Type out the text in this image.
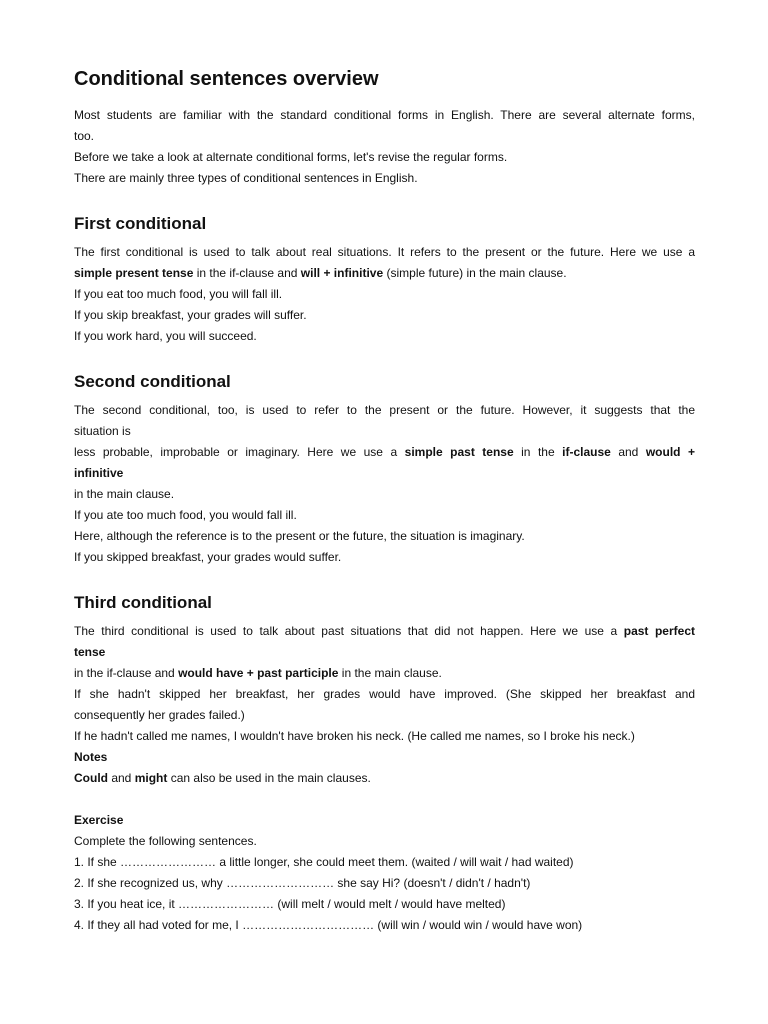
Conditional sentences overview

Most students are familiar with the standard conditional forms in English. There are several alternate forms,

too.

Before we take a look at alternate conditional forms, let's revise the regular forms.

There are mainly three types of conditional sentences in English.

First conditional

The first conditional is used to talk about real situations. It refers to the present or the future. Here we use a

simple present tense in the if-clause and will + infinitive (simple future) in the main clause.

If you eat too much food, you will fall ill.

If you skip breakfast, your grades will suffer.

If you work hard, you will succeed.

Second conditional

The second conditional, too, is used to refer to the present or the future. However, it suggests that the

situation is

less probable, improbable or imaginary. Here we use a simple past tense in the if-clause and would +

infinitive

in the main clause.

If you ate too much food, you would fall ill.

Here, although the reference is to the present or the future, the situation is imaginary.

If you skipped breakfast, your grades would suffer.

Third conditional

The third conditional is used to talk about past situations that did not happen. Here we use a past perfect

tense

in the if-clause and would have + past participle in the main clause.

If she hadn't skipped her breakfast, her grades would have improved. (She skipped her breakfast and

consequently her grades failed.)

If he hadn't called me names, I wouldn't have broken his neck. (He called me names, so I broke his neck.)

Notes

Could and might can also be used in the main clauses.

Exercise

Complete the following sentences.

1. If she …………………… a little longer, she could meet them. (waited / will wait / had waited)

2. If she recognized us, why ……………………… she say Hi? (doesn't / didn't / hadn't)

3. If you heat ice, it …………………… (will melt / would melt / would have melted)

4. If they all had voted for me, I …………………………… (will win / would win / would have won)
